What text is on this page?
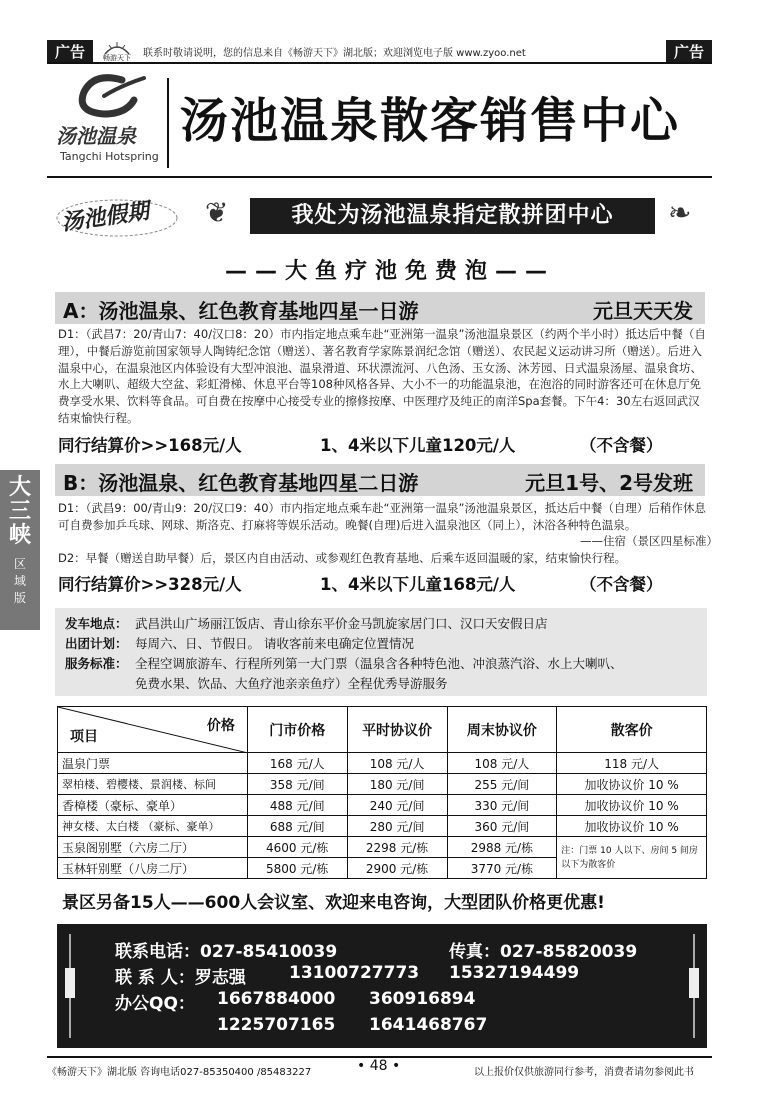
广告	畅游天下 联系时敬请说明，您的信息来自《畅游天下》湖北版；欢迎浏览电子版 www.zyoo.net	广告
汤池温泉
Tangchi Hotspring
汤池温泉散客销售中心
汤池假期 ❦	我处为汤池温泉指定散拼团中心	❧
——大鱼疗池免费泡——
A：汤池温泉、红色教育基地四星一日游	元旦天天发
D1：（武昌7：20/青山7：40/汉口8：20）市内指定地点乘车赴“亚洲第一温泉”汤池温泉景区（约两个半小时）抵达后中餐（自理），中餐后游览前国家领导人陶铸纪念馆（赠送）、著名教育学家陈景润纪念馆（赠送）、农民起义运动讲习所（赠送）。后进入温泉中心，在温泉池区内体验设有大型冲浪池、温泉滑道、环状漂流河、八色汤、玉女汤、沐芳园、日式温泉汤屋、温泉食坊、水上大喇叭、超级大空盆、彩虹滑梯、休息平台等108种风格各异、大小不一的功能温泉池，在泡浴的同时游客还可在休息厅免费享受水果、饮料等食品。可自费在按摩中心接受专业的擦修按摩、中医理疗及纯正的南洋Spa套餐。下午4：30左右返回武汉结束愉快行程。
同行结算价>>168元/人	1、4米以下儿童120元/人	（不含餐）
B：汤池温泉、红色教育基地四星二日游	元旦1号、2号发班
D1：（武昌9：00/青山9：20/汉口9：40）市内指定地点乘车赴“亚洲第一温泉”汤池温泉景区，抵达后中餐（自理）后稍作休息可自费参加乒乓球、网球、斯洛克、打麻将等娱乐活动。晚餐(自理)后进入温泉池区（同上），沐浴各种特色温泉。
——住宿（景区四星标准）
D2：早餐（赠送自助早餐）后，景区内自由活动、或参观红色教育基地、后乘车返回温暖的家，结束愉快行程。
同行结算价>>328元/人	1、4米以下儿童168元/人	（不含餐）
大
三
峡
区
域
版
发车地点： 武昌洪山广场丽江饭店、青山徐东平价金马凯旋家居门口、汉口天安假日店
出团计划： 每周六、日、节假日。 请收客前来电确定位置情况
服务标准： 全程空调旅游车、行程所列第一大门票（温泉含各种特色池、冲浪蒸汽浴、水上大喇叭、
免费水果、饮品、大鱼疗池亲亲鱼疗）全程优秀导游服务
价格
项目	门市价格	平时协议价	周末协议价	散客价
温泉门票	168 元/人	108 元/人	108 元/人	118 元/人
翠柏楼、碧樱楼、景润楼、标间	358 元/间	180 元/间	255 元/间	加收协议价 10 %
香樟楼（豪标、豪单）	488 元/间	240 元/间	330 元/间	加收协议价 10 %
神女楼、太白楼 （豪标、豪单）	688 元/间	280 元/间	360 元/间	加收协议价 10 %
玉泉阁别墅（六房二厅）	4600 元/栋	2298 元/栋	2988 元/栋	注：门票 10 人以下、房间 5 间房以下为散客价
玉林轩别墅（八房二厅）	5800 元/栋	2900 元/栋	3770 元/栋	
景区另备15人——600人会议室、欢迎来电咨询，大型团队价格更优惠!
联系电话：027-85410039	传真：027-85820039
联 系 人：罗志强	13100727773 15327194499
办公QQ： 1667884000 360916894
1225707165 1641468767
《畅游天下》湖北版 咨询电话027-85350400 /85483227	• 48 •	以上报价仅供旅游同行参考，消费者请勿参阅此书
